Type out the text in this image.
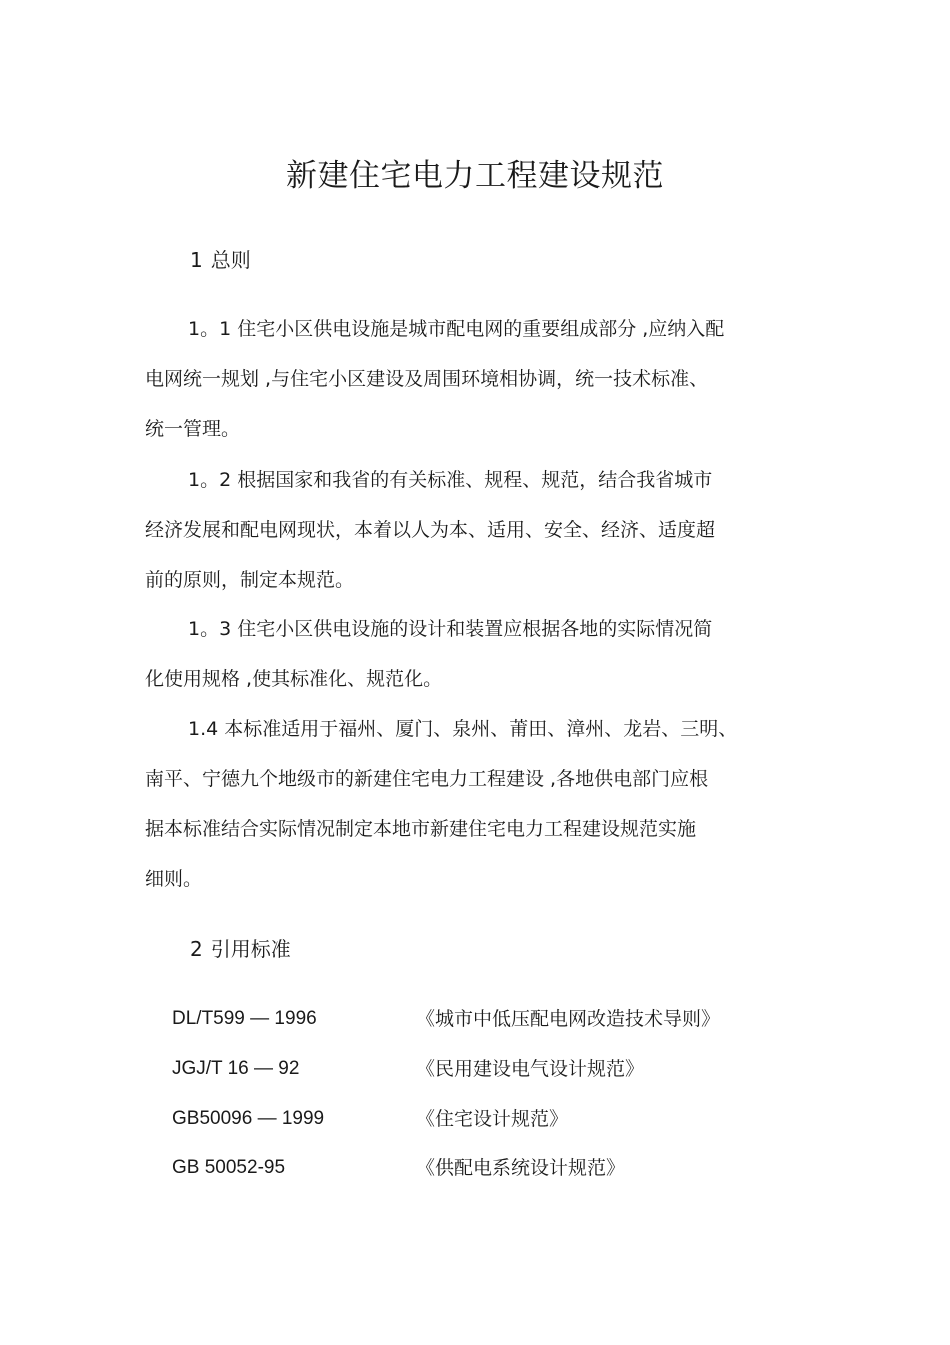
新建住宅电力工程建设规范
1 总则

1。1 住宅小区供电设施是城市配电网的重要组成部分 ,应纳入配
电网统一规划 ,与住宅小区建设及周围环境相协调，统一技术标准、
统一管理。

1。2 根据国家和我省的有关标准、规程、规范，结合我省城市
经济发展和配电网现状，本着以人为本、适用、安全、经济、适度超
前的原则，制定本规范。

1。3 住宅小区供电设施的设计和装置应根据各地的实际情况简
化使用规格 ,使其标准化、规范化。

1.4 本标准适用于福州、厦门、泉州、莆田、漳州、龙岩、三明、
南平、宁德九个地级市的新建住宅电力工程建设 ,各地供电部门应根
据本标准结合实际情况制定本地市新建住宅电力工程建设规范实施
细则。

2 引用标准
DL/T599 — 1996	《城市中低压配电网改造技术导则》
JGJ/T 16 — 92	《民用建设电气设计规范》
GB50096 — 1999	《住宅设计规范》
GB 50052-95	《供配电系统设计规范》
